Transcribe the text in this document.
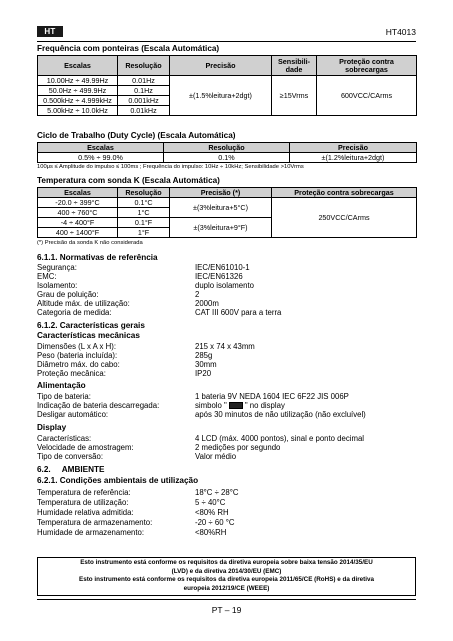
HT	HT4013
Frequência com ponteiras (Escala Automática)
Escalas	Resolução	Precisão	Sensibili-dade	Proteção contra sobrecargas
10.00Hz ÷ 49.99Hz	0.01Hz	±(1.5%leitura+2dgt)	≥15Vrms	600VCC/CArms
50.0Hz ÷ 499.9Hz	0.1Hz			
0.500kHz ÷ 4.999kHz	0.001kHz			
5.00kHz ÷ 10.0kHz	0.01kHz			
Ciclo de Trabalho (Duty Cycle) (Escala Automática)
Escalas	Resolução	Precisão
0.5% ÷ 99.0%	0.1%	±(1.2%leitura+2dgt)
100μs ≤ Amplitude do impulso ≤ 100ms ; Frequência do impulso: 10Hz ÷ 10kHz; Sensibilidade >10Vrms
Temperatura com sonda K (Escala Automática)
Escalas	Resolução	Precisão (*)	Proteção contra sobrecargas
-20.0 ÷ 399°C	0.1°C	±(3%leitura+5°C)	250VCC/CArms
400 ÷ 760°C	1°C		
-4 ÷ 400°F	0.1°F	±(3%leitura+9°F)	
400 ÷ 1400°F	1°F		
(*) Precisão da sonda K não considerada
6.1.1. Normativas de referência
Segurança:	IEC/EN61010-1
EMC:	IEC/EN61326
Isolamento:	duplo isolamento
Grau de poluição:	2
Altitude máx. de utilização:	2000m
Categoria de medida:	CAT III 600V para a terra
6.1.2. Características gerais
Características mecânicas
Dimensões (L x A x H):	215 x 74 x 43mm
Peso (bateria incluída):	285g
Diâmetro máx. do cabo:	30mm
Proteção mecânica:	IP20
Alimentação
Tipo de bateria:	1 bateria 9V NEDA 1604 IEC 6F22 JIS 006P
Indicação de bateria descarregada:	simbolo " " no display
Desligar automático:	após 30 minutos de não utilização (não excluível)
Display
Características:	4 LCD (máx. 4000 pontos), sinal e ponto decimal
Velocidade de amostragem:	2 medições por segundo
Tipo de conversão:	Valor médio
6.2.     AMBIENTE
6.2.1. Condições ambientais de utilização
Temperatura de referência:	18°C ÷ 28°C
Temperatura de utilização:	5 ÷ 40°C
Humidade relativa admitida:	<80% RH
Temperatura de armazenamento:	-20 ÷ 60 °C
Humidade de armazenamento:	<80%RH
Esto instrumento está conforme os requisitos da diretiva europeia sobre baixa tensão 2014/35/EU
(LVD) e da diretiva 2014/30/EU (EMC)
Esto instrumento está conforme os requisitos da diretiva europeia 2011/65/CE (RoHS) e da diretiva
europeia 2012/19/CE (WEEE)
PT – 19
